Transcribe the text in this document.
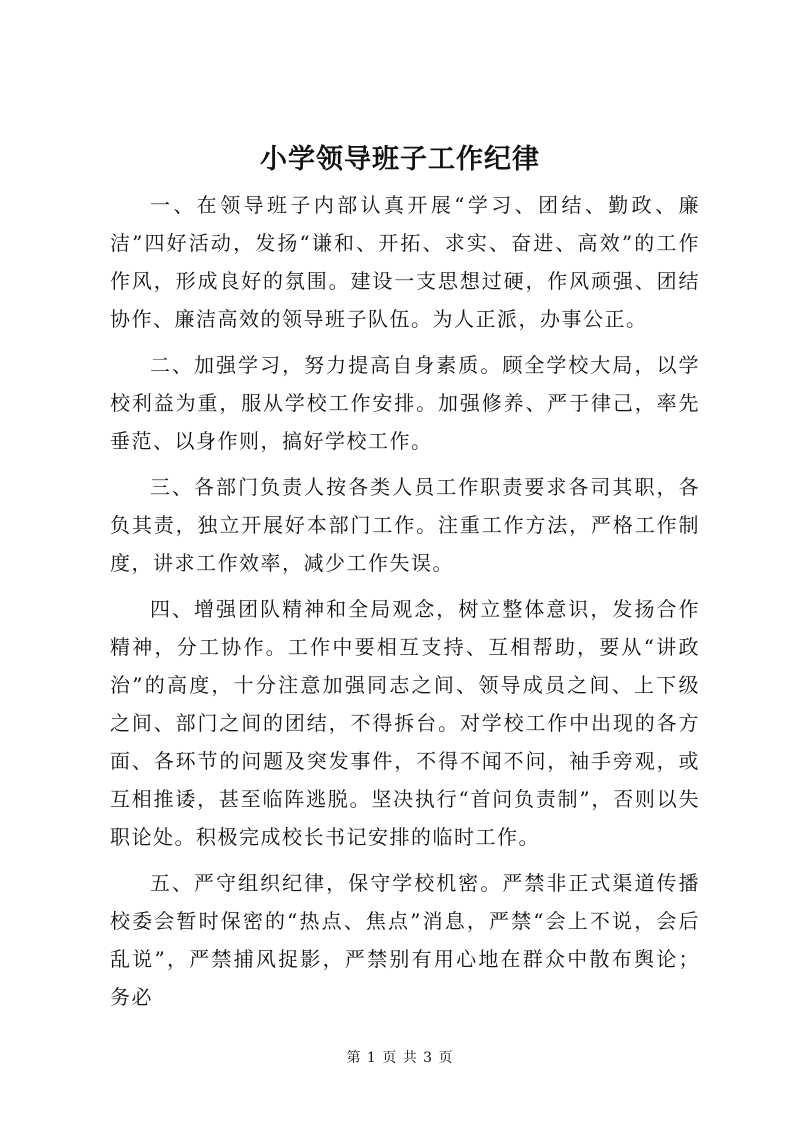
小学领导班子工作纪律

一、在领导班子内部认真开展“学习、团结、勤政、廉洁”四好活动，发扬“谦和、开拓、求实、奋进、高效”的工作作风，形成良好的氛围。建设一支思想过硬，作风顽强、团结协作、廉洁高效的领导班子队伍。为人正派，办事公正。

二、加强学习，努力提高自身素质。顾全学校大局，以学校利益为重，服从学校工作安排。加强修养、严于律己，率先垂范、以身作则，搞好学校工作。

三、各部门负责人按各类人员工作职责要求各司其职，各负其责，独立开展好本部门工作。注重工作方法，严格工作制度，讲求工作效率，减少工作失误。

四、增强团队精神和全局观念，树立整体意识，发扬合作精神，分工协作。工作中要相互支持、互相帮助，要从“讲政治”的高度，十分注意加强同志之间、领导成员之间、上下级之间、部门之间的团结，不得拆台。对学校工作中出现的各方面、各环节的问题及突发事件，不得不闻不问，袖手旁观，或互相推诿，甚至临阵逃脱。坚决执行“首问负责制”，否则以失职论处。积极完成校长书记安排的临时工作。

五、严守组织纪律，保守学校机密。严禁非正式渠道传播校委会暂时保密的“热点、焦点”消息，严禁“会上不说，会后乱说”，严禁捕风捉影，严禁别有用心地在群众中散布舆论；务必

第 1 页 共 3 页
